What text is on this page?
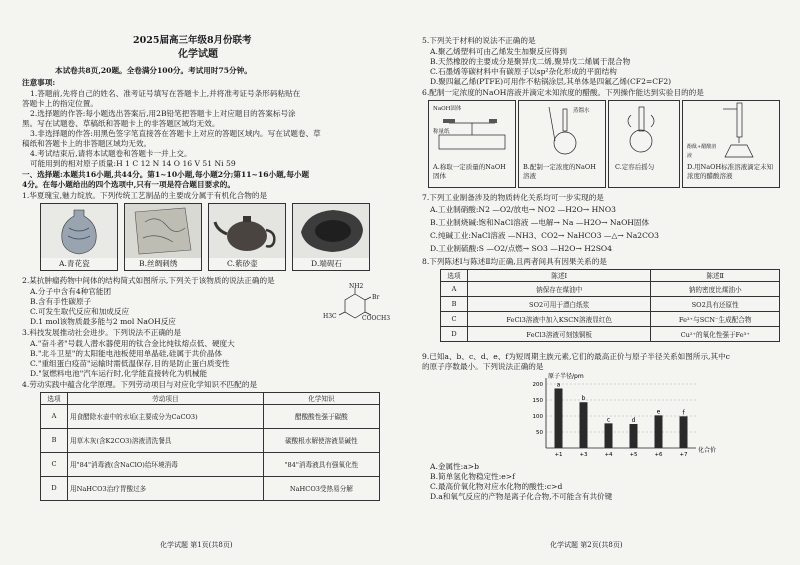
2025届高三年级8月份联考
化学试题
本试卷共8页,20题。全卷满分100分。考试用时75分钟。
注意事项:
1.答题前,先将自己的姓名、准考证号填写在答题卡上,并将准考证号条形码粘贴在
答题卡上的指定位置。
2.选择题的作答:每小题选出答案后,用2B铅笔把答题卡上对应题目的答案标号涂
黑。写在试题卷、草稿纸和答题卡上的非答题区域均无效。
3.非选择题的作答:用黑色签字笔直接答在答题卡上对应的答题区域内。写在试题卷、草
稿纸和答题卡上的非答题区域均无效。
4.考试结束后,请将本试题卷和答题卡一并上交。
可能用到的相对原子质量:H 1 C 12 N 14 O 16 V 51 Ni 59
一、选择题:本题共16小题,共44分。第1~10小题,每小题2分;第11~16小题,每小题
4分。在每小题给出的四个选项中,只有一项是符合题目要求的。
1.华夏瑰宝,魅力绽放。下列传统工艺制品的主要成分属于有机化合物的是
A.青花瓷	B.丝绸刺绣	C.紫砂壶	D.端砚石
2.某抗肿瘤药物中间体的结构简式如图所示,下列关于该物质的说法正确的是
A.分子中含有4种官能团
B.含有手性碳原子
C.可发生取代反应和加成反应
D.1 mol该物质最多能与2 mol NaOH反应
NH2
Br
H3C	COOCH3
3.科技发展推动社会进步。下列说法不正确的是
A."奋斗者"号载人潜水器使用的钛合金比纯钛熔点低、硬度大
B."北斗卫星"的太阳能电池板使用单晶硅,硅属于共价晶体
C."重组蛋白疫苗"运输时需低温保存,目的是防止蛋白质变性
D."氢燃料电池"汽车运行时,化学能直接转化为机械能
4.劳动实践中蕴含化学原理。下列劳动项目与对应化学知识不匹配的是
选项	劳动项目	化学知识
A	用食醋除水壶中的水垢(主要成分为CaCO3)	醋酸酸性强于碳酸
B	用草木灰(含K2CO3)溶液清洗餐具	碳酸根水解使溶液显碱性
C	用"84"消毒液(含NaClO)给环境消毒	"84"消毒液具有强氧化性
D	用NaHCO3治疗胃酸过多	NaHCO3受热易分解
化学试题 第1页(共8页)
5.下列关于材料的说法不正确的是
A.聚乙烯塑料可由乙烯发生加聚反应得到
B.天然橡胶的主要成分是聚异戊二烯,聚异戊二烯属于混合物
C.石墨烯等碳材料中有碳原子以sp²杂化形成的平面结构
D.聚四氟乙烯(PTFE)可用作不粘锅涂层,其单体是四氟乙烯(CF2=CF2)
6.配制一定浓度的NaOH溶液并滴定未知浓度的醋酸。下列操作能达到实验目的的是
NaOH固体
称量纸
A.称取一定质量的NaOH固体
蒸馏水
B.配制一定浓度的NaOH溶液
C.定容后摇匀
酚酞+醋酸溶液
D.用NaOH标准溶液滴定未知浓度的醋酸溶液
7.下列工业制备涉及的物质转化关系均可一步实现的是
A.工业制硝酸:N2 —O2/放电→ NO2 —H2O→ HNO3
B.工业制烧碱:饱和NaCl溶液 —电解→ Na —H2O→ NaOH固体
C.纯碱工业:NaCl溶液 —NH3、CO2→ NaHCO3 —△→ Na2CO3
D.工业制硫酸:S —O2/点燃→ SO3 —H2O→ H2SO4
8.下列陈述Ⅰ与陈述Ⅱ均正确,且两者间具有因果关系的是
选项	陈述Ⅰ	陈述Ⅱ
A	钠保存在煤油中	钠的密度比煤油小
B	SO2可用于漂白纸浆	SO2具有还原性
C	FeCl3溶液中加入KSCN溶液显红色	Fe³⁺与SCN⁻生成配合物
D	FeCl3溶液可刻蚀铜板	Cu²⁺的氧化性强于Fe³⁺
9.已知a、b、c、d、e、f为短周期主族元素,它们的最高正价与原子半径关系如图所示,其中c
的原子序数最小。下列说法正确的是
原子半径/pm
化合价
50
100
150
200 a
+1
b
+3
c
+4
d
+5
e
+6
f
+7
A.金属性:a>b
B.简单氢化物稳定性:e>f
C.最高价氧化物对应水化物的酸性:c>d
D.a和氧气反应的产物是离子化合物,不可能含有共价键
化学试题 第2页(共8页)
